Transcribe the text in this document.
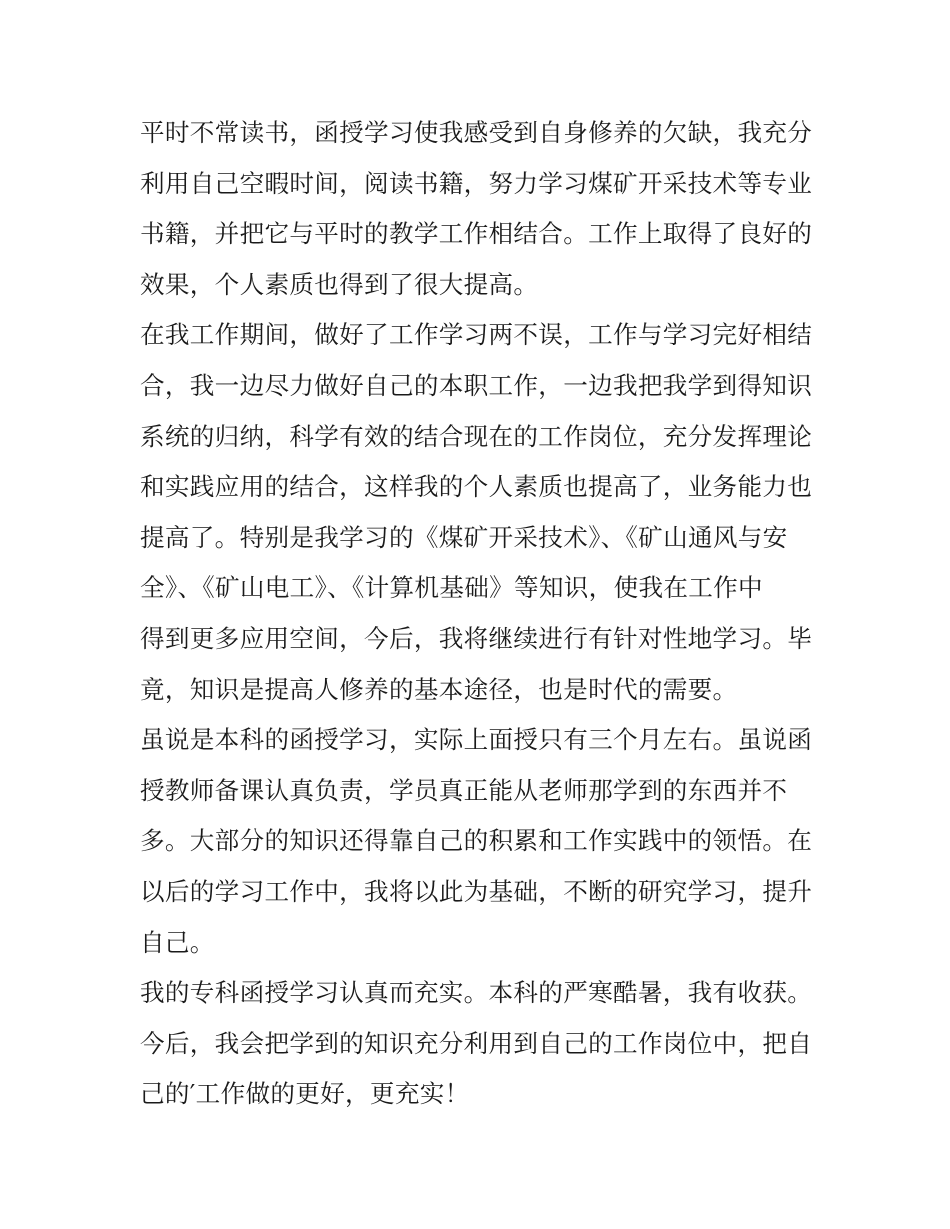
平时不常读书，函授学习使我感受到自身修养的欠缺，我充分
利用自己空暇时间，阅读书籍，努力学习煤矿开采技术等专业
书籍，并把它与平时的教学工作相结合。工作上取得了良好的
效果，个人素质也得到了很大提高。
在我工作期间，做好了工作学习两不误，工作与学习完好相结
合，我一边尽力做好自己的本职工作，一边我把我学到得知识
系统的归纳，科学有效的结合现在的工作岗位，充分发挥理论
和实践应用的结合，这样我的个人素质也提高了，业务能力也
提高了。特别是我学习的《煤矿开采技术》、《矿山通风与安
全》、《矿山电工》、《计算机基础》等知识，使我在工作中
得到更多应用空间，今后，我将继续进行有针对性地学习。毕
竟，知识是提高人修养的基本途径，也是时代的需要。
虽说是本科的函授学习，实际上面授只有三个月左右。虽说函
授教师备课认真负责，学员真正能从老师那学到的东西并不
多。大部分的知识还得靠自己的积累和工作实践中的领悟。在
以后的学习工作中，我将以此为基础，不断的研究学习，提升
自己。
我的专科函授学习认真而充实。本科的严寒酷暑，我有收获。
今后，我会把学到的知识充分利用到自己的工作岗位中，把自
己的′工作做的更好，更充实！
